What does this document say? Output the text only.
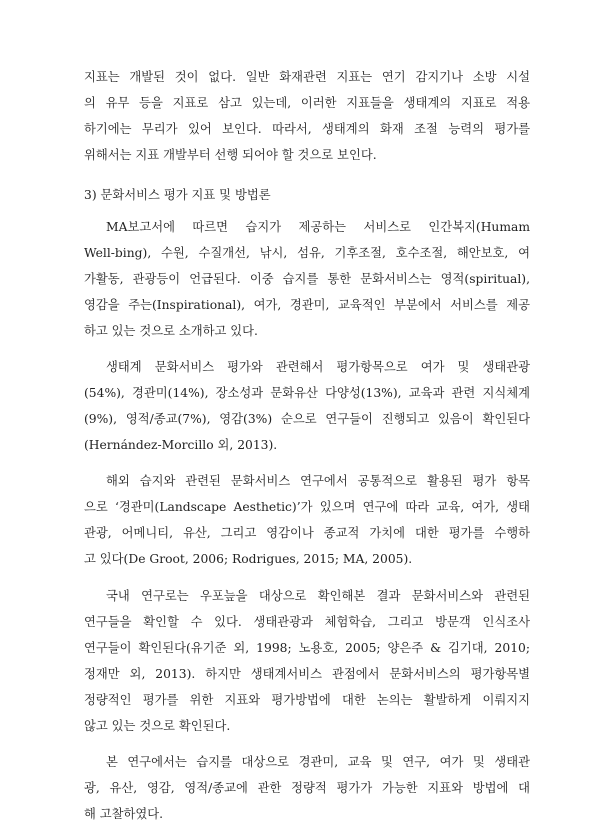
지표는 개발된 것이 없다. 일반 화재관련 지표는 연기 감지기나 소방 시설
의 유무 등을 지표로 삼고 있는데, 이러한 지표들을 생태계의 지표로 적용
하기에는 무리가 있어 보인다. 따라서, 생태계의 화재 조절 능력의 평가를
위해서는 지표 개발부터 선행 되어야 할 것으로 보인다.
3) 문화서비스 평가 지표 및 방법론
MA보고서에 따르면 습지가 제공하는 서비스로 인간복지(Humam
Well-bing), 수원, 수질개선, 낚시, 섬유, 기후조절, 호수조절, 해안보호, 여
가활동, 관광등이 언급된다. 이중 습지를 통한 문화서비스는 영적(spiritual),
영감을 주는(Inspirational), 여가, 경관미, 교육적인 부분에서 서비스를 제공
하고 있는 것으로 소개하고 있다.
생태계 문화서비스 평가와 관련해서 평가항목으로 여가 및 생태관광
(54%), 경관미(14%), 장소성과 문화유산 다양성(13%), 교육과 관련 지식체계
(9%), 영적/종교(7%), 영감(3%) 순으로 연구들이 진행되고 있음이 확인된다
(Hernández-Morcillo 외, 2013).
해외 습지와 관련된 문화서비스 연구에서 공통적으로 활용된 평가 항목
으로 ‘경관미(Landscape Aesthetic)’가 있으며 연구에 따라 교육, 여가, 생태
관광, 어메니티, 유산, 그리고 영감이나 종교적 가치에 대한 평가를 수행하
고 있다(De Groot, 2006; Rodrigues, 2015; MA, 2005).
국내 연구로는 우포늪을 대상으로 확인해본 결과 문화서비스와 관련된
연구들을 확인할 수 있다. 생태관광과 체험학습, 그리고 방문객 인식조사
연구들이 확인된다(유기준 외, 1998; 노용호, 2005; 양은주 & 김기대, 2010;
정재만 외, 2013). 하지만 생태계서비스 관점에서 문화서비스의 평가항목별
정량적인 평가를 위한 지표와 평가방법에 대한 논의는 활발하게 이뤄지지
않고 있는 것으로 확인된다.
본 연구에서는 습지를 대상으로 경관미, 교육 및 연구, 여가 및 생태관
광, 유산, 영감, 영적/종교에 관한 정량적 평가가 가능한 지표와 방법에 대
해 고찰하였다.
